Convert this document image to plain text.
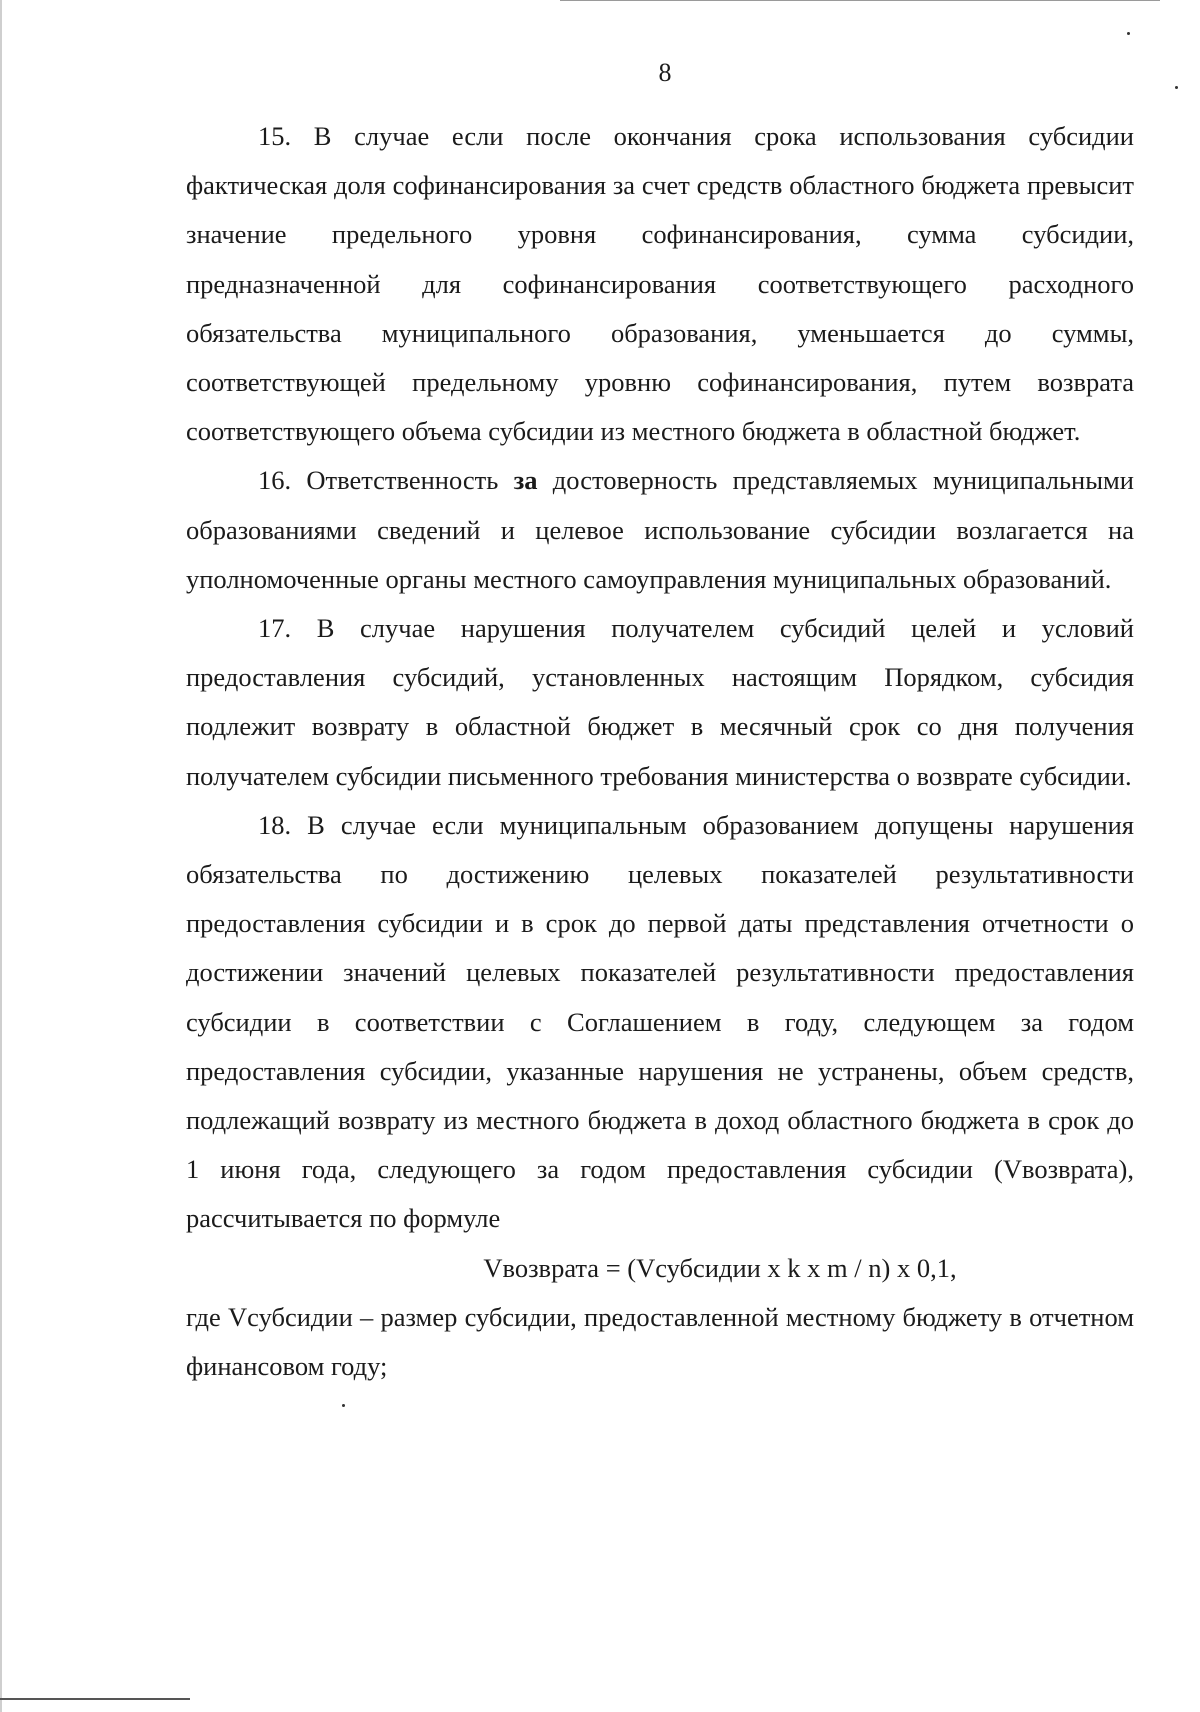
8

15. В случае если после окончания срока использования субсидии фактическая доля софинансирования за счет средств областного бюджета превысит значение предельного уровня софинансирования, сумма субсидии, предназначенной для софинансирования соответствующего расходного обязательства муниципального образования, уменьшается до суммы, соответствующей предельному уровню софинансирования, путем возврата соответствующего объема субсидии из местного бюджета в областной бюджет.

16. Ответственность за достоверность представляемых муниципальными образованиями сведений и целевое использование субсидии возлагается на уполномоченные органы местного самоуправления муниципальных образований.

17. В случае нарушения получателем субсидий целей и условий предоставления субсидий, установленных настоящим Порядком, субсидия подлежит возврату в областной бюджет в месячный срок со дня получения получателем субсидии письменного требования министерства о возврате субсидии.

18. В случае если муниципальным образованием допущены нарушения обязательства по достижению целевых показателей результативности предоставления субсидии и в срок до первой даты представления отчетности о достижении значений целевых показателей результативности предоставления субсидии в соответствии с Соглашением в году, следующем за годом предоставления субсидии, указанные нарушения не устранены, объем средств, подлежащий возврату из местного бюджета в доход областного бюджета в срок до 1 июня года, следующего за годом предоставления субсидии (Vвозврата), рассчитывается по формуле

Vвозврата = (Vсубсидии x k x m / n) x 0,1,

где Vсубсидии – размер субсидии, предоставленной местному бюджету в отчетном финансовом году;
